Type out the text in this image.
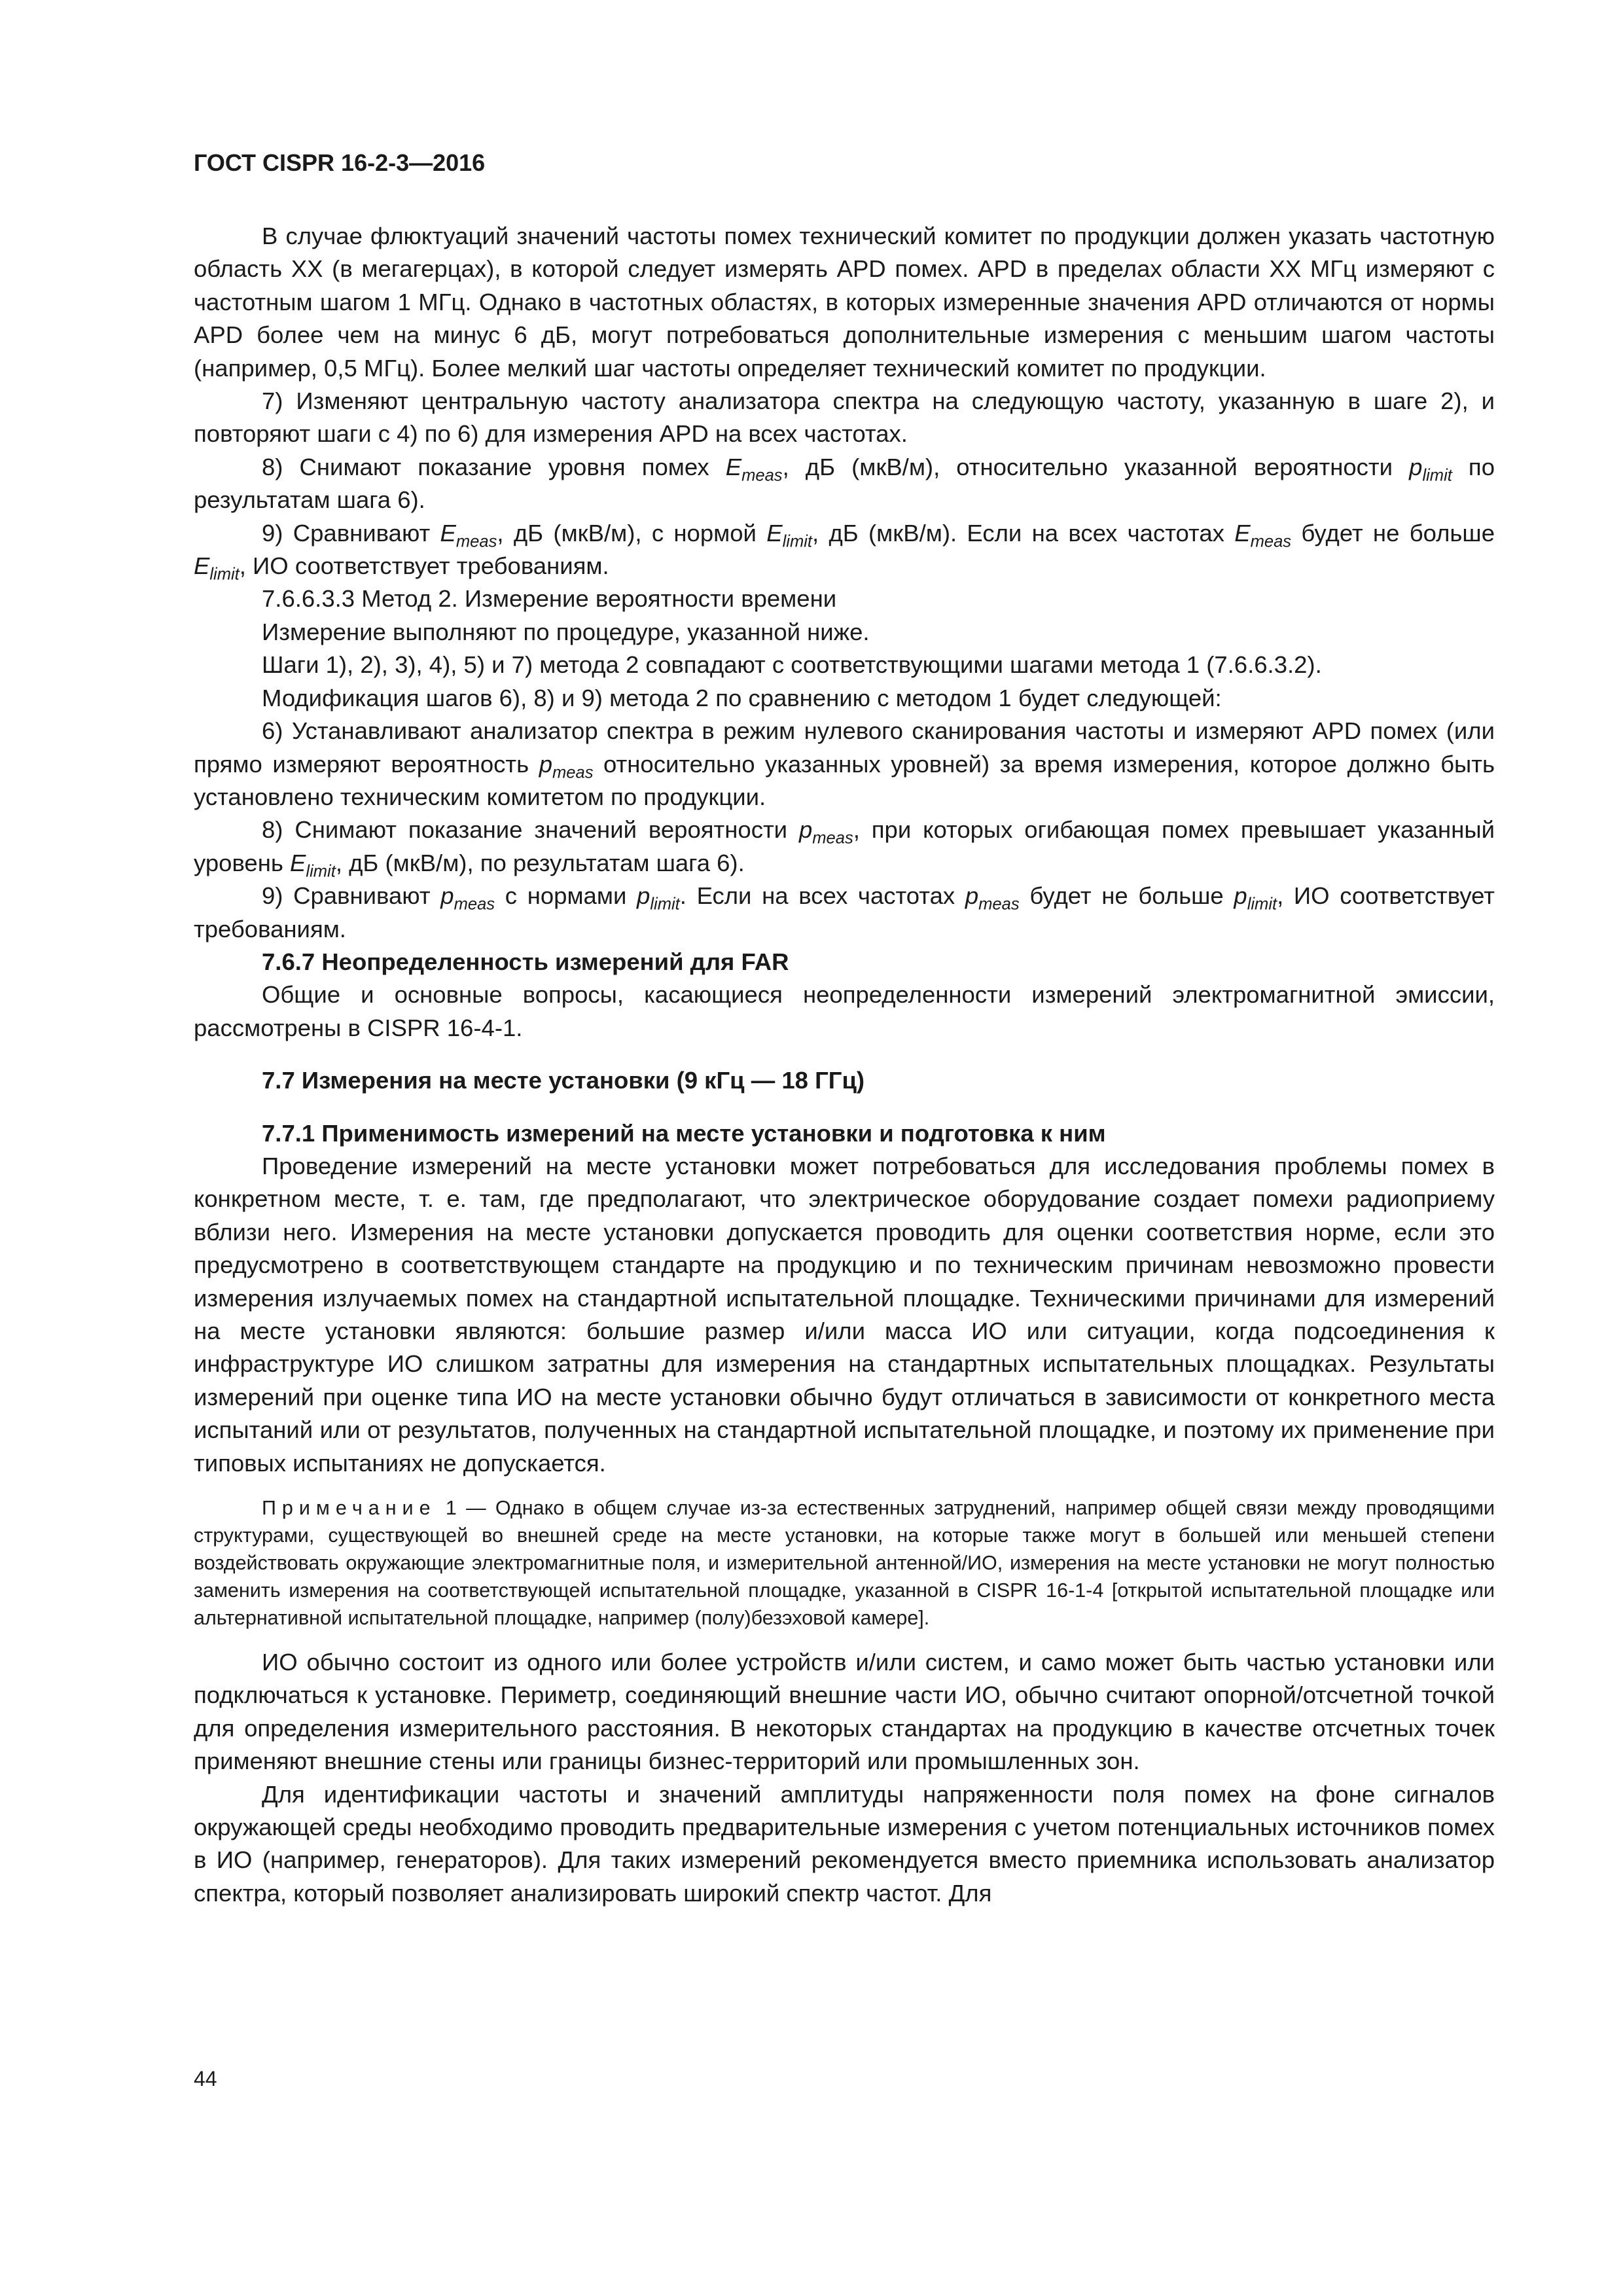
ГОСТ CISPR 16-2-3—2016

В случае флюктуаций значений частоты помех технический комитет по продукции должен указать частотную область XX (в мегагерцах), в которой следует измерять APD помех. APD в пределах области XX МГц измеряют с частотным шагом 1 МГц. Однако в частотных областях, в которых измеренные значения APD отличаются от нормы APD более чем на минус 6 дБ, могут потребоваться дополнительные измерения с меньшим шагом частоты (например, 0,5 МГц). Более мелкий шаг частоты определяет технический комитет по продукции.

7) Изменяют центральную частоту анализатора спектра на следующую частоту, указанную в шаге 2), и повторяют шаги с 4) по 6) для измерения APD на всех частотах.

8) Снимают показание уровня помех $E_{meas}$, дБ (мкВ/м), относительно указанной вероятности $p_{limit}$ по результатам шага 6).

9) Сравнивают $E_{meas}$, дБ (мкВ/м), с нормой $E_{limit}$, дБ (мкВ/м). Если на всех частотах $E_{meas}$ будет не больше $E_{limit}$, ИО соответствует требованиям.

7.6.6.3.3 Метод 2. Измерение вероятности времени

Измерение выполняют по процедуре, указанной ниже.

Шаги 1), 2), 3), 4), 5) и 7) метода 2 совпадают с соответствующими шагами метода 1 (7.6.6.3.2).

Модификация шагов 6), 8) и 9) метода 2 по сравнению с методом 1 будет следующей:

6) Устанавливают анализатор спектра в режим нулевого сканирования частоты и измеряют APD помех (или прямо измеряют вероятность $p_{meas}$ относительно указанных уровней) за время измерения, которое должно быть установлено техническим комитетом по продукции.

8) Снимают показание значений вероятности $p_{meas}$, при которых огибающая помех превышает указанный уровень $E_{limit}$, дБ (мкВ/м), по результатам шага 6).

9) Сравнивают $p_{meas}$ с нормами $p_{limit}$. Если на всех частотах $p_{meas}$ будет не больше $p_{limit}$, ИО соответствует требованиям.

7.6.7 Неопределенность измерений для FAR

Общие и основные вопросы, касающиеся неопределенности измерений электромагнитной эмиссии, рассмотрены в CISPR 16-4-1.

7.7 Измерения на месте установки (9 кГц — 18 ГГц)

7.7.1 Применимость измерений на месте установки и подготовка к ним

Проведение измерений на месте установки может потребоваться для исследования проблемы помех в конкретном месте, т. е. там, где предполагают, что электрическое оборудование создает помехи радиоприему вблизи него. Измерения на месте установки допускается проводить для оценки соответствия норме, если это предусмотрено в соответствующем стандарте на продукцию и по техническим причинам невозможно провести измерения излучаемых помех на стандартной испытательной площадке. Техническими причинами для измерений на месте установки являются: большие размер и/или масса ИО или ситуации, когда подсоединения к инфраструктуре ИО слишком затратны для измерения на стандартных испытательных площадках. Результаты измерений при оценке типа ИО на месте установки обычно будут отличаться в зависимости от конкретного места испытаний или от результатов, полученных на стандартной испытательной площадке, и поэтому их применение при типовых испытаниях не допускается.

Примечание 1 — Однако в общем случае из-за естественных затруднений, например общей связи между проводящими структурами, существующей во внешней среде на месте установки, на которые также могут в большей или меньшей степени воздействовать окружающие электромагнитные поля, и измерительной антенной/ИО, измерения на месте установки не могут полностью заменить измерения на соответствующей испытательной площадке, указанной в CISPR 16-1-4 [открытой испытательной площадке или альтернативной испытательной площадке, например (полу)безэховой камере].

ИО обычно состоит из одного или более устройств и/или систем, и само может быть частью установки или подключаться к установке. Периметр, соединяющий внешние части ИО, обычно считают опорной/отсчетной точкой для определения измерительного расстояния. В некоторых стандартах на продукцию в качестве отсчетных точек применяют внешние стены или границы бизнес-территорий или промышленных зон.

Для идентификации частоты и значений амплитуды напряженности поля помех на фоне сигналов окружающей среды необходимо проводить предварительные измерения с учетом потенциальных источников помех в ИО (например, генераторов). Для таких измерений рекомендуется вместо приемника использовать анализатор спектра, который позволяет анализировать широкий спектр частот. Для

44
